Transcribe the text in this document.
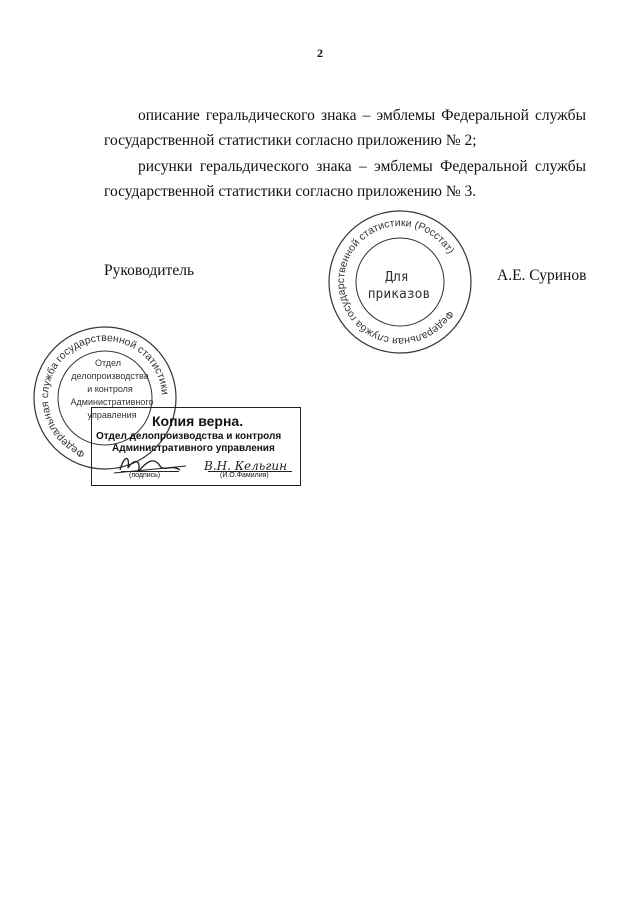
2
описание геральдического знака – эмблемы Федеральной службы
государственной статистики согласно приложению № 2;
рисунки геральдического знака – эмблемы Федеральной службы
государственной статистики согласно приложению № 3.
Руководитель	А.Е. Суринов
Федеральная служба государственной статистики (Росстат)
Для
приказов
Федеральная служба государственной статистики
Отдел
делопроизводства
и контроля
Административного
управления Копия верна.
Отдел делопроизводства и контроля
Административного управления
(подпись)	(И.О.Фамилия)
В.Н. Кельгин
